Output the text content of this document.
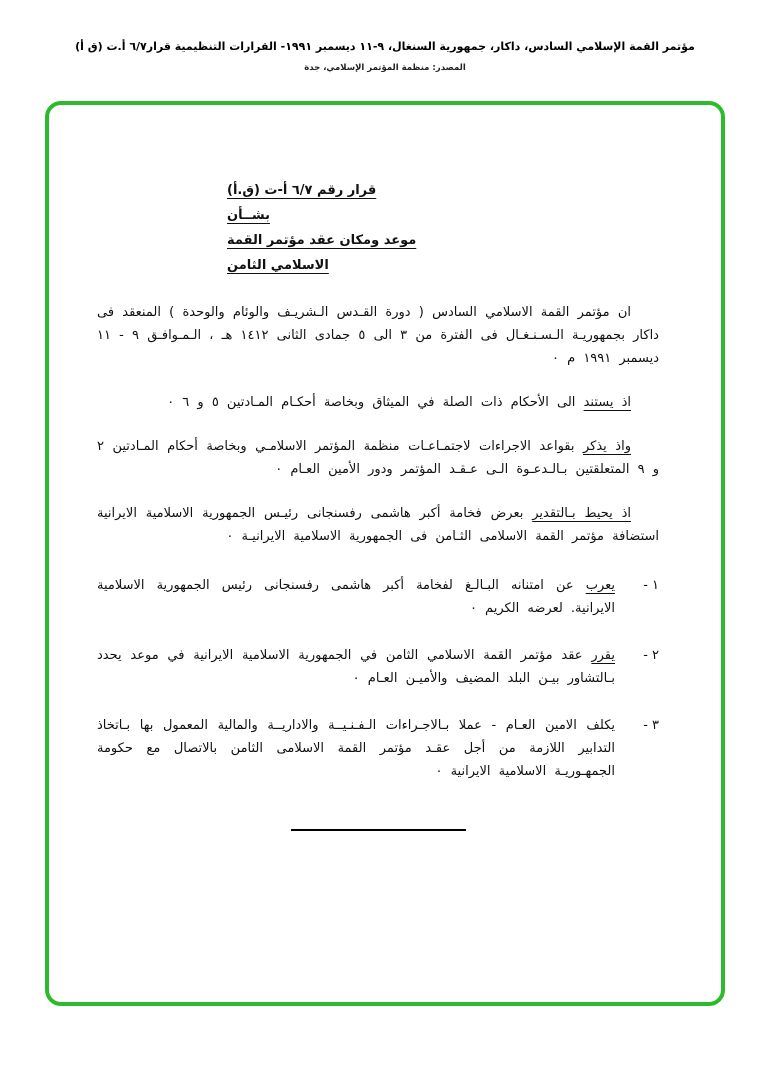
مؤتمر القمة الإسلامي السادس، داكار، جمهورية السنغال، ٩-١١ ديسمبر ١٩٩١- القرارات التنظيمية قرار٦/٧ أ.ت (ق أ)
المصدر: منظمة المؤتمر الإسلامي، جدة
قرار رقم ٦/٧ أ-ت (ق.أ)
بشــأن
موعد ومكان عقد مؤتمر القمة
الاسلامي الثامن

ان مؤتمر القمة الاسلامي السادس ( دورة القـدس الـشريـف والوئام والوحدة ) المنعقد فى داكار بجمهوريـة الـسـنـغـال فى الفترة من ٣ الى ٥ جمادى الثانى ١٤١٢ هـ ، الـمـوافـق ٩ - ١١ ديسمبر ١٩٩١ م ٠

اذ يستند الى الأحكام ذات الصلة في الميثاق وبخاصة أحكـام المـادتين ٥ و ٦ ٠

واذ يذكر بقواعد الاجراءات لاجتمـاعـات منظمة المؤتمر الاسلامـي وبخاصة أحكام المـادتين ٢ و ٩ المتعلقتين بـالـدعـوة الـى عـقـد المؤتمر ودور الأمين العـام ٠

اذ يحيط بـالتقدير بعرض فخامة أكبر هاشمى رفسنجانى رئيـس الجمهورية الاسلامية الايرانية استضافة مؤتمر القمة الاسلامى الثـامن فى الجمهورية الاسلامية الايرانيـة ٠

١ -
يعرب عن امتنانه البـالـغ لفخامة أكبر هاشمى رفسنجانى رئيس الجمهورية الاسلامية الايرانية. لعرضه الكريم ٠
٢ -
يقرر عقد مؤتمر القمة الاسلامي الثامن في الجمهورية الاسلامية الايرانية في موعد يحدد بـالتشاور بيـن البلد المضيف والأميـن العـام ٠
٣ -
يكلف الامين العـام - عملا بـالاجـراءات الـفـنـيــة والاداريــة والمالية المعمول بها بـاتخاذ التدابير اللازمة من أجل عقـد مؤتمر القمة الاسلامى الثامن بالاتصال مع حكومة الجمهـوريـة الاسلامية الايرانية ٠
